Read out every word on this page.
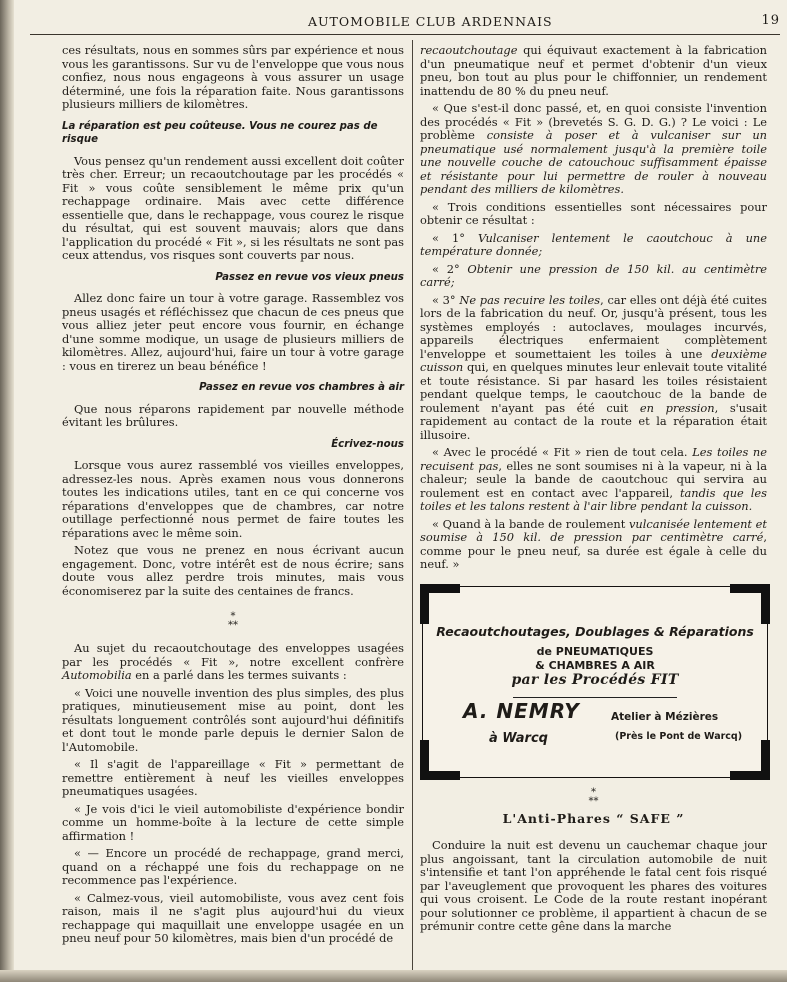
AUTOMOBILE CLUB ARDENNAIS	19

ces résultats, nous en sommes sûrs par expérience et nous vous les garantissons. Sur vu de l'enveloppe que vous nous confiez, nous nous engageons à vous assurer un usage déterminé, une fois la réparation faite. Nous garantissons plusieurs milliers de kilomètres.

La réparation est peu coûteuse. Vous ne courez pas de risque

Vous pensez qu'un rendement aussi excellent doit coûter très cher. Erreur; un recaoutchoutage par les procédés « Fit » vous coûte sensiblement le même prix qu'un rechappage ordinaire. Mais avec cette différence essentielle que, dans le rechappage, vous courez le risque du résultat, qui est souvent mauvais; alors que dans l'application du procédé « Fit », si les résultats ne sont pas ceux attendus, vos risques sont couverts par nous.

Passez en revue vos vieux pneus

Allez donc faire un tour à votre garage. Rassemblez vos pneus usagés et réfléchissez que chacun de ces pneus que vous alliez jeter peut encore vous fournir, en échange d'une somme modique, un usage de plusieurs milliers de kilomètres. Allez, aujourd'hui, faire un tour à votre garage : vous en tirerez un beau bénéfice !

Passez en revue vos chambres à air

Que nous réparons rapidement par nouvelle méthode évitant les brûlures.

Écrivez-nous

Lorsque vous aurez rassemblé vos vieilles enveloppes, adressez-les nous. Après examen nous vous donnerons toutes les indications utiles, tant en ce qui concerne vos réparations d'enveloppes que de chambres, car notre outillage perfectionné nous permet de faire toutes les réparations avec le même soin.

Notez que vous ne prenez en nous écrivant aucun engagement. Donc, votre intérêt est de nous écrire; sans doute vous allez perdre trois minutes, mais vous économiserez par la suite des centaines de francs.

*
**

Au sujet du recaoutchoutage des enveloppes usagées par les procédés « Fit », notre excellent confrère Automobilia en a parlé dans les termes suivants :

« Voici une nouvelle invention des plus simples, des plus pratiques, minutieusement mise au point, dont les résultats longuement contrôlés sont aujourd'hui définitifs et dont tout le monde parle depuis le dernier Salon de l'Automobile.

« Il s'agit de l'appareillage « Fit » permettant de remettre entièrement à neuf les vieilles enveloppes pneumatiques usagées.

« Je vois d'ici le vieil automobiliste d'expérience bondir comme un homme-boîte à la lecture de cette simple affirmation !

« — Encore un procédé de rechappage, grand merci, quand on a réchappé une fois du rechappage on ne recommence pas l'expérience.

« Calmez-vous, vieil automobiliste, vous avez cent fois raison, mais il ne s'agit plus aujourd'hui du vieux rechappage qui maquillait une enveloppe usagée en un pneu neuf pour 50 kilomètres, mais bien d'un procédé de

recaoutchoutage qui équivaut exactement à la fabrication d'un pneumatique neuf et permet d'obtenir d'un vieux pneu, bon tout au plus pour le chiffonnier, un rendement inattendu de 80 % du pneu neuf.

« Que s'est-il donc passé, et, en quoi consiste l'invention des procédés « Fit » (brevetés S. G. D. G.) ? Le voici : Le problème consiste à poser et à vulcaniser sur un pneumatique usé normalement jusqu'à la première toile une nouvelle couche de catouchouc suffisamment épaisse et résistante pour lui permettre de rouler à nouveau pendant des milliers de kilomètres.

« Trois conditions essentielles sont nécessaires pour obtenir ce résultat :

« 1° Vulcaniser lentement le caoutchouc à une température donnée;

« 2° Obtenir une pression de 150 kil. au centimètre carré;

« 3° Ne pas recuire les toiles, car elles ont déjà été cuites lors de la fabrication du neuf. Or, jusqu'à présent, tous les systèmes employés : autoclaves, moulages incurvés, appareils électriques enfermaient complètement l'enveloppe et soumettaient les toiles à une deuxième cuisson qui, en quelques minutes leur enlevait toute vitalité et toute résistance. Si par hasard les toiles résistaient pendant quelque temps, le caoutchouc de la bande de roulement n'ayant pas été cuit en pression, s'usait rapidement au contact de la route et la réparation était illusoire.

« Avec le procédé « Fit » rien de tout cela. Les toiles ne recuisent pas, elles ne sont soumises ni à la vapeur, ni à la chaleur; seule la bande de caoutchouc qui servira au roulement est en contact avec l'appareil, tandis que les toiles et les talons restent à l'air libre pendant la cuisson.

« Quand à la bande de roulement vulcanisée lentement et soumise à 150 kil. de pression par centimètre carré, comme pour le pneu neuf, sa durée est égale à celle du neuf. »

Recaoutchoutages, Doublages & Réparations
de PNEUMATIQUES
& CHAMBRES A AIR
par les Procédés FIT
A. NEMRY
à Warcq
Atelier à Mézières
(Près le Pont de Warcq)
*
**
L'Anti-Phares “ SAFE ”

Conduire la nuit est devenu un cauchemar chaque jour plus angoissant, tant la circulation automobile de nuit s'intensifie et tant l'on appréhende le fatal cent fois risqué par l'aveuglement que provoquent les phares des voitures qui vous croisent. Le Code de la route restant inopérant pour solutionner ce problème, il appartient à chacun de se prémunir contre cette gêne dans la marche
